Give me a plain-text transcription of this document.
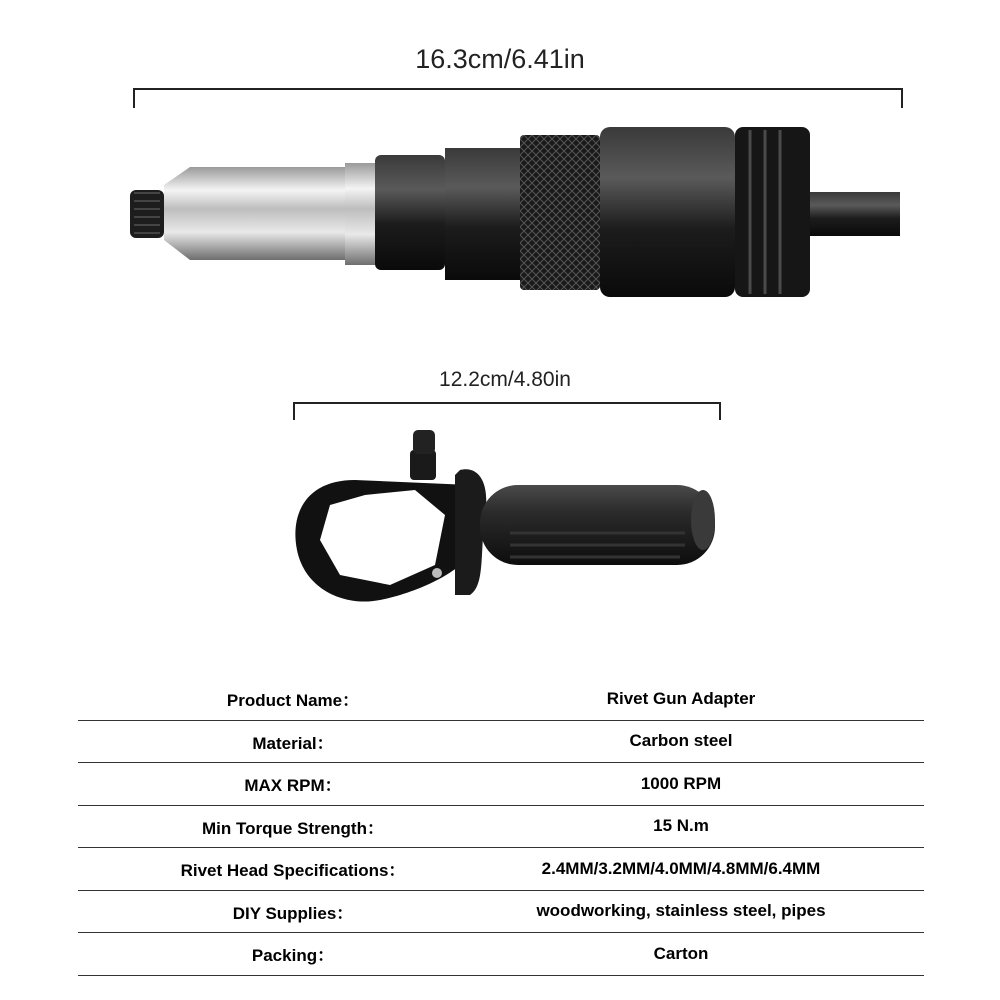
16.3cm/6.41in
12.2cm/4.80in
Product Name：	Rivet Gun Adapter
Material：	Carbon steel
MAX RPM：	1000 RPM
Min Torque Strength：	15 N.m
Rivet Head Specifications：	2.4MM/3.2MM/4.0MM/4.8MM/6.4MM
DIY Supplies：	woodworking, stainless steel, pipes
Packing：	Carton
